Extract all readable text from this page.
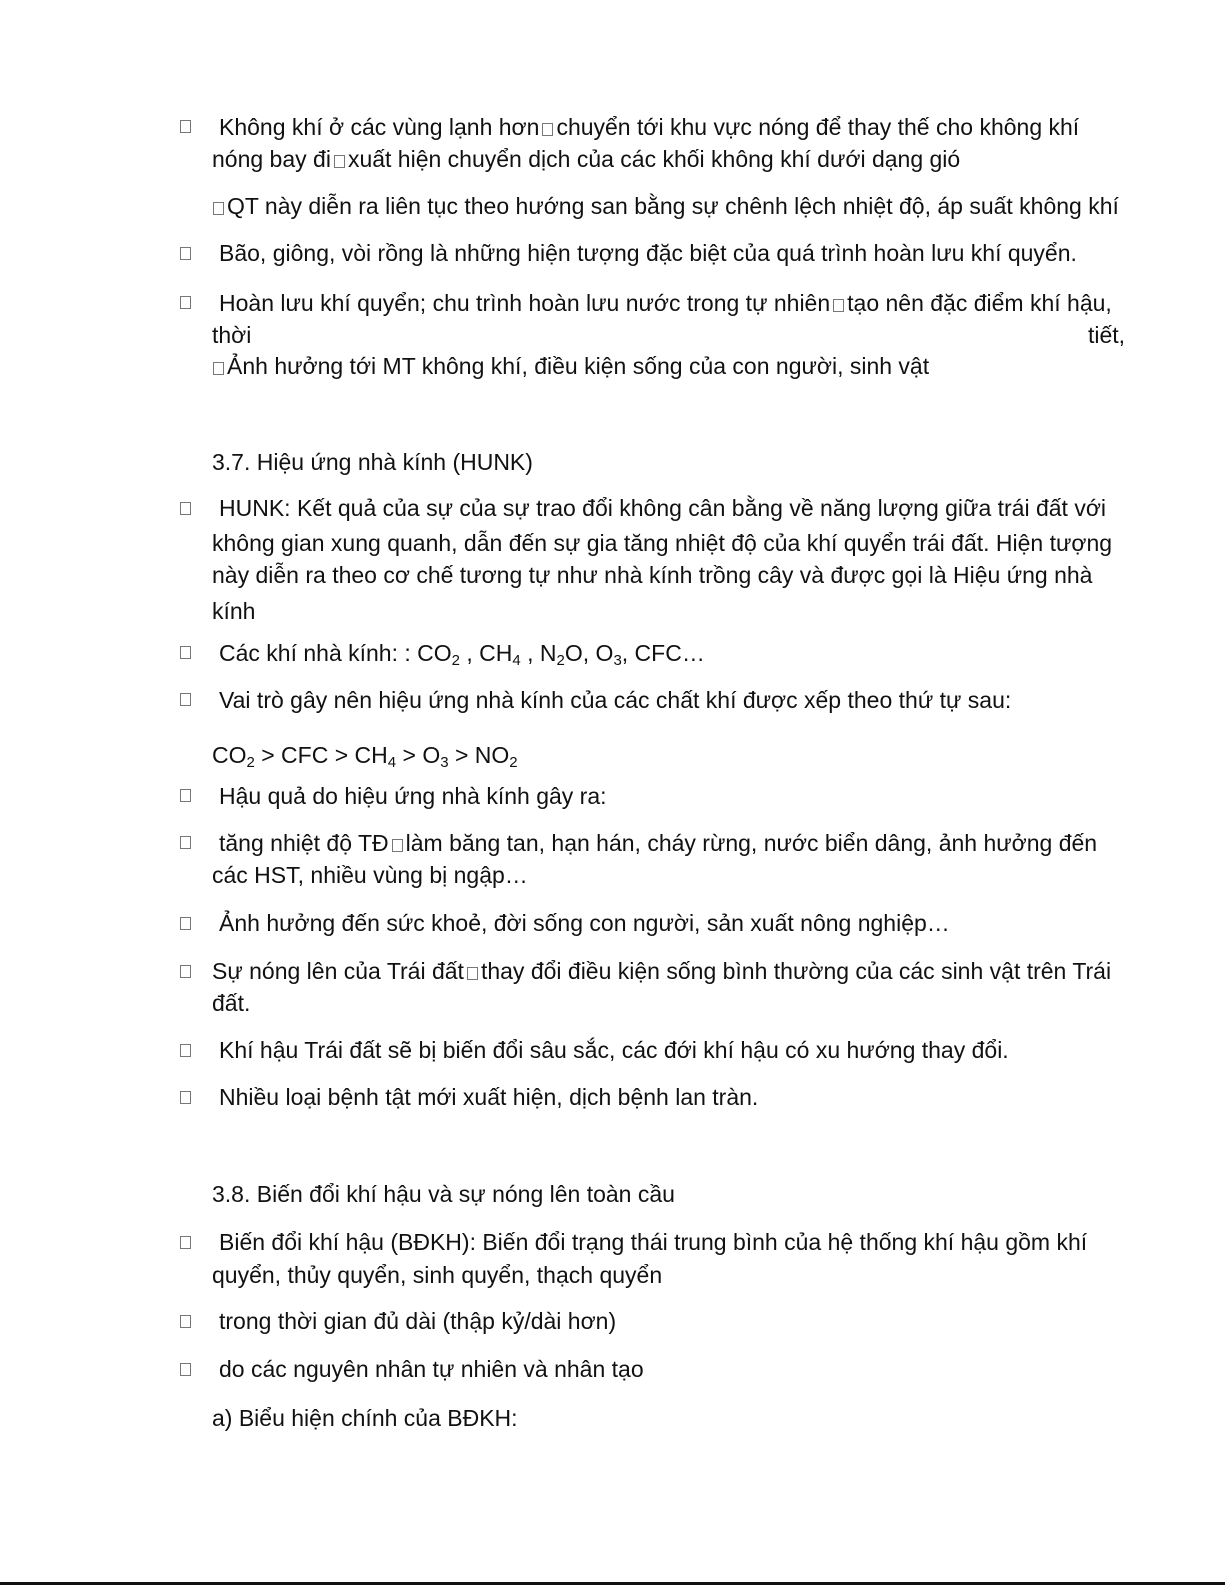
Không khí ở các vùng lạnh hơn chuyển tới khu vực nóng để thay thế cho không khí
nóng bay đi xuất hiện chuyển dịch của các khối không khí dưới dạng gió
QT này diễn ra liên tục theo hướng san bằng sự chênh lệch nhiệt độ, áp suất không khí
Bão, giông, vòi rồng là những hiện tượng đặc biệt của quá trình hoàn lưu khí quyển.
Hoàn lưu khí quyển; chu trình hoàn lưu nước trong tự nhiên tạo nên đặc điểm khí hậu,
thời	tiết,
Ảnh hưởng tới MT không khí, điều kiện sống của con người, sinh vật
3.7. Hiệu ứng nhà kính (HUNK)
HUNK: Kết quả của sự của sự trao đổi không cân bằng về năng lượng giữa trái đất với
không gian xung quanh, dẫn đến sự gia tăng nhiệt độ của khí quyển trái đất. Hiện tượng
này diễn ra theo cơ chế tương tự như nhà kính trồng cây và được gọi là Hiệu ứng nhà
kính
Các khí nhà kính: : $CO_2$ , $CH_4$ , $N_2O$, $O_3$, CFC…
Vai trò gây nên hiệu ứng nhà kính của các chất khí được xếp theo thứ tự sau:
$CO_2$ > CFC > $CH_4 > O_3 > NO_2$
Hậu quả do hiệu ứng nhà kính gây ra:
tăng nhiệt độ TĐ làm băng tan, hạn hán, cháy rừng, nước biển dâng, ảnh hưởng đến
các HST, nhiều vùng bị ngập…
Ảnh hưởng đến sức khoẻ, đời sống con người, sản xuất nông nghiệp…
Sự nóng lên của Trái đất thay đổi điều kiện sống bình thường của các sinh vật trên Trái
đất.
Khí hậu Trái đất sẽ bị biến đổi sâu sắc, các đới khí hậu có xu hướng thay đổi.
Nhiều loại bệnh tật mới xuất hiện, dịch bệnh lan tràn.
3.8. Biến đổi khí hậu và sự nóng lên toàn cầu
Biến đổi khí hậu (BĐKH): Biến đổi trạng thái trung bình của hệ thống khí hậu gồm khí
quyển, thủy quyển, sinh quyển, thạch quyển
trong thời gian đủ dài (thập kỷ/dài hơn)
do các nguyên nhân tự nhiên và nhân tạo
a) Biểu hiện chính của BĐKH:
